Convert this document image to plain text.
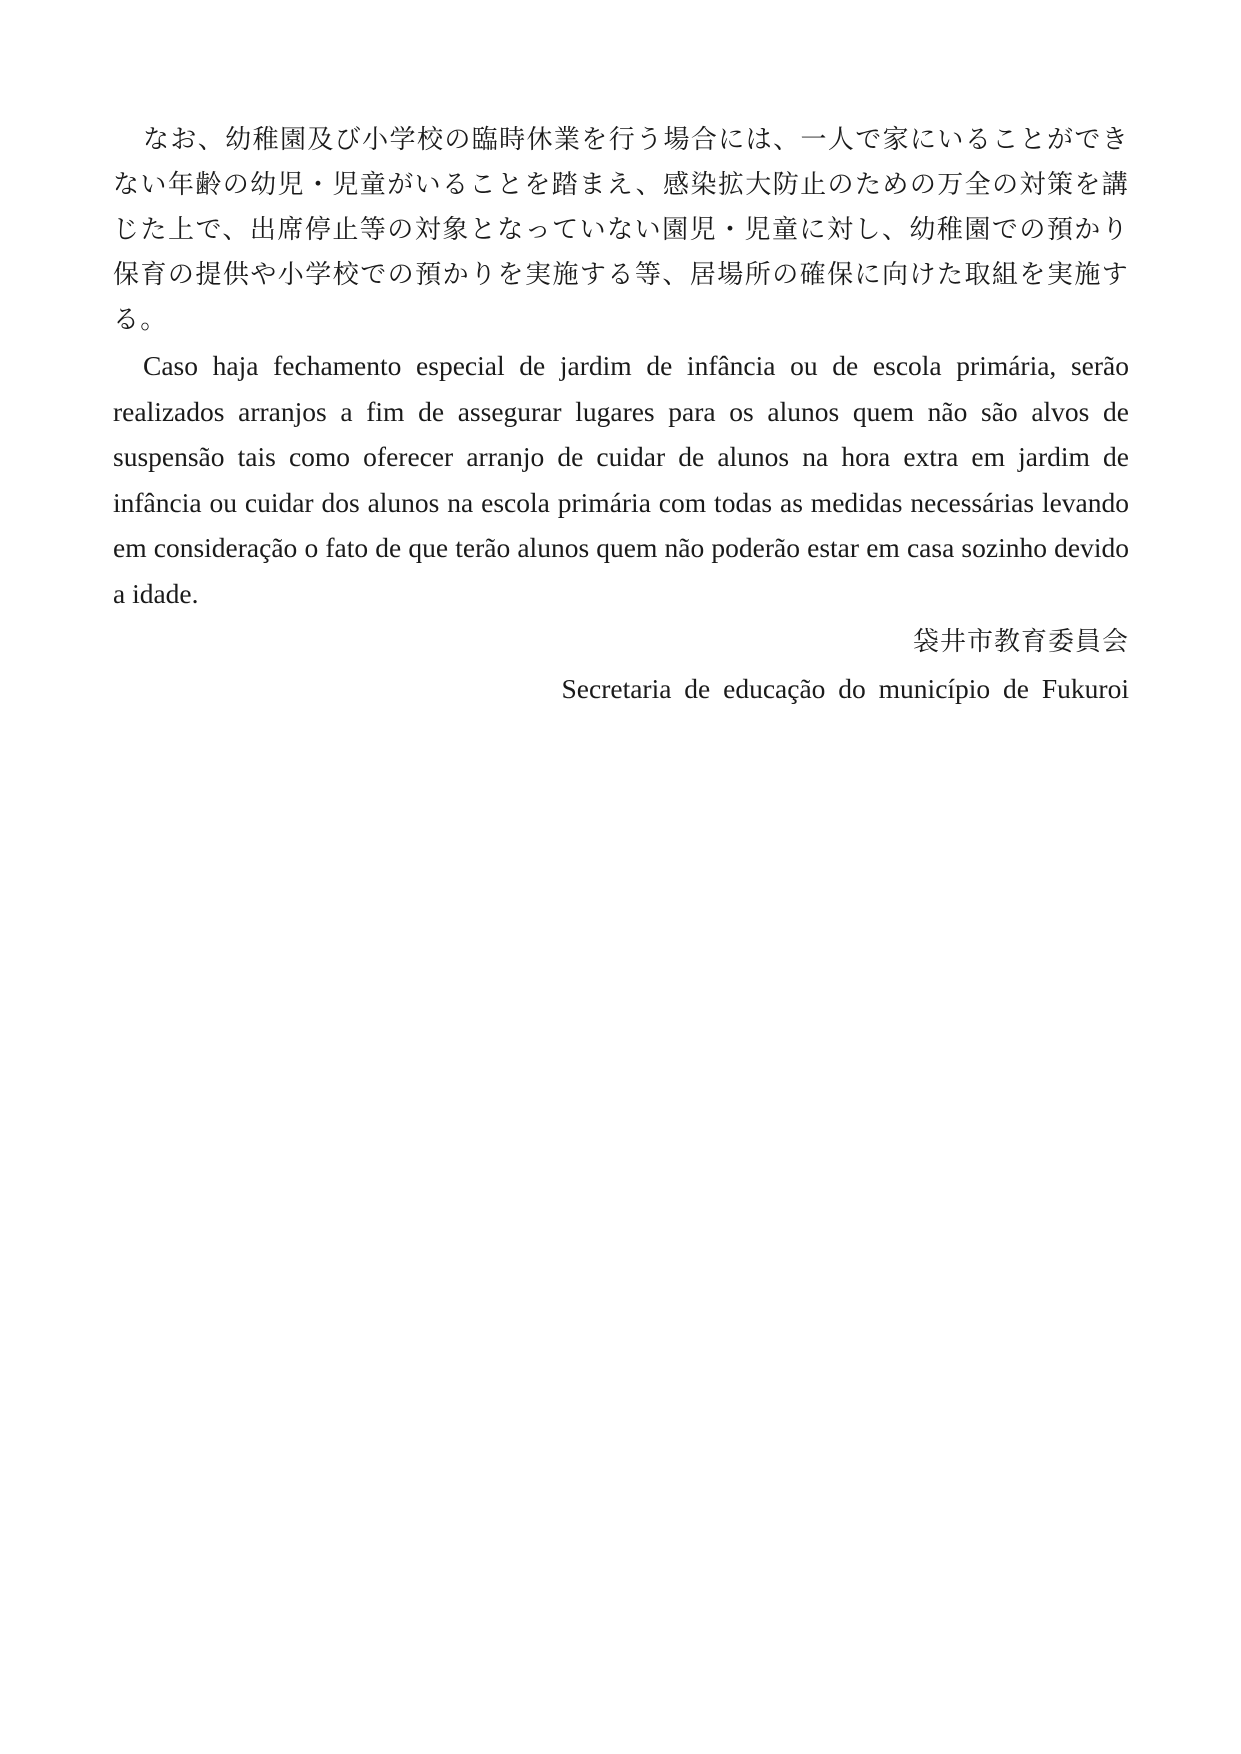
なお、幼稚園及び小学校の臨時休業を行う場合には、一人で家にいることができない年齢の幼児・児童がいることを踏まえ、感染拡大防止のための万全の対策を講じた上で、出席停止等の対象となっていない園児・児童に対し、幼稚園での預かり保育の提供や小学校での預かりを実施する等、居場所の確保に向けた取組を実施する。

Caso haja fechamento especial de jardim de infância ou de escola primária, serão realizados arranjos a fim de assegurar lugares para os alunos quem não são alvos de suspensão tais como oferecer arranjo de cuidar de alunos na hora extra em jardim de infância ou cuidar dos alunos na escola primária com todas as medidas necessárias levando em consideração o fato de que terão alunos quem não poderão estar em casa sozinho devido a idade.

袋井市教育委員会

Secretaria de educação do município de Fukuroi
